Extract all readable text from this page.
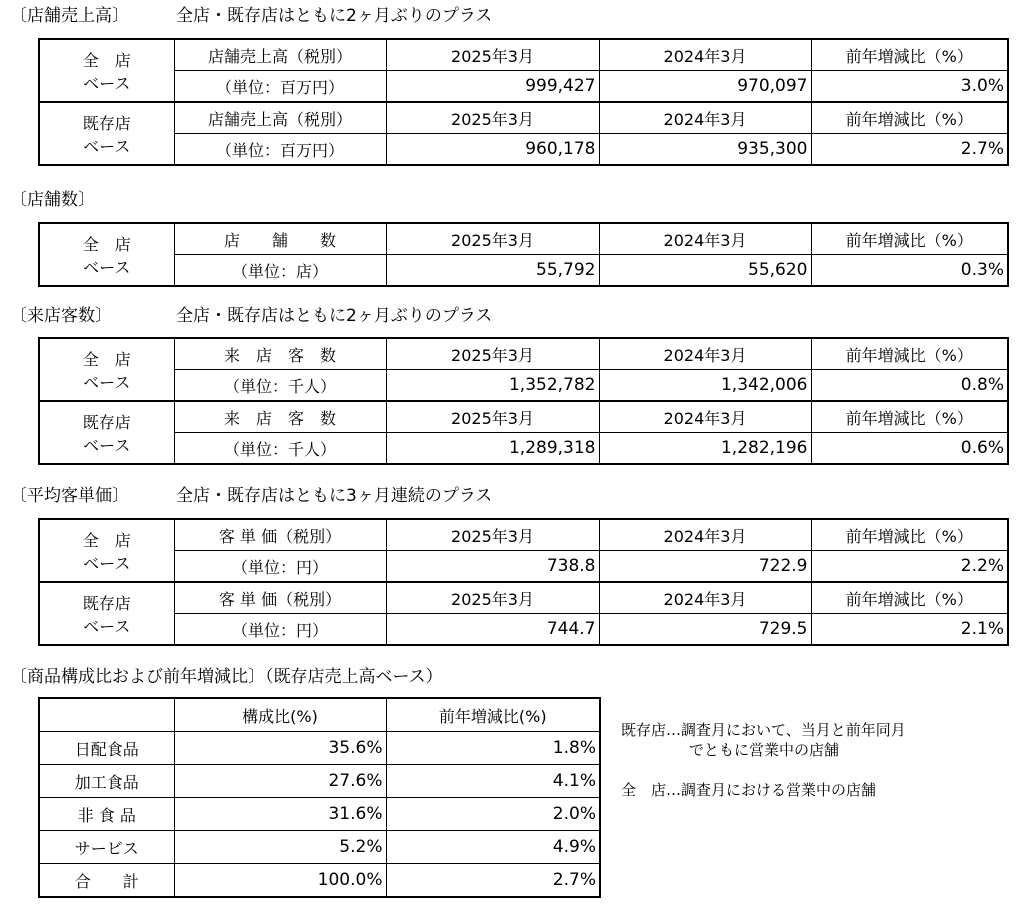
〔店舗売上高〕	全店・既存店はともに2ヶ月ぶりのプラス
全　店
ベース	店舗売上高（税別）	2025年3月	2024年3月	前年増減比（%）
	（単位：百万円）	999,427	970,097	3.0%

既存店
ベース	店舗売上高（税別）	2025年3月	2024年3月	前年増減比（%）
	（単位：百万円）	960,178	935,300	2.7%
〔店舗数〕
全　店
ベース	店　　舗　　数	2025年3月	2024年3月	前年増減比（%）
	（単位：店）	55,792	55,620	0.3%
〔来店客数〕	全店・既存店はともに2ヶ月ぶりのプラス
全　店
ベース	来　店　客　数	2025年3月	2024年3月	前年増減比（%）
	（単位：千人）	1,352,782	1,342,006	0.8%

既存店
ベース	来　店　客　数	2025年3月	2024年3月	前年増減比（%）
	（単位：千人）	1,289,318	1,282,196	0.6%
〔平均客単価〕	全店・既存店はともに3ヶ月連続のプラス
全　店
ベース	客 単 価（税別）	2025年3月	2024年3月	前年増減比（%）
	（単位：円）	738.8	722.9	2.2%

既存店
ベース	客 単 価（税別）	2025年3月	2024年3月	前年増減比（%）
	（単位：円）	744.7	729.5	2.1%
〔商品構成比および前年増減比〕（既存店売上高ベース）
	構成比(%)	前年増減比(%)
日配食品	35.6%	1.8%
加工食品	27.6%	4.1%
非 食 品	31.6%	2.0%
サービス	5.2%	4.9%
合　　計	100.0%	2.7%
既存店…調査月において、当月と前年同月
でともに営業中の店舗
全　店…調査月における営業中の店舗
